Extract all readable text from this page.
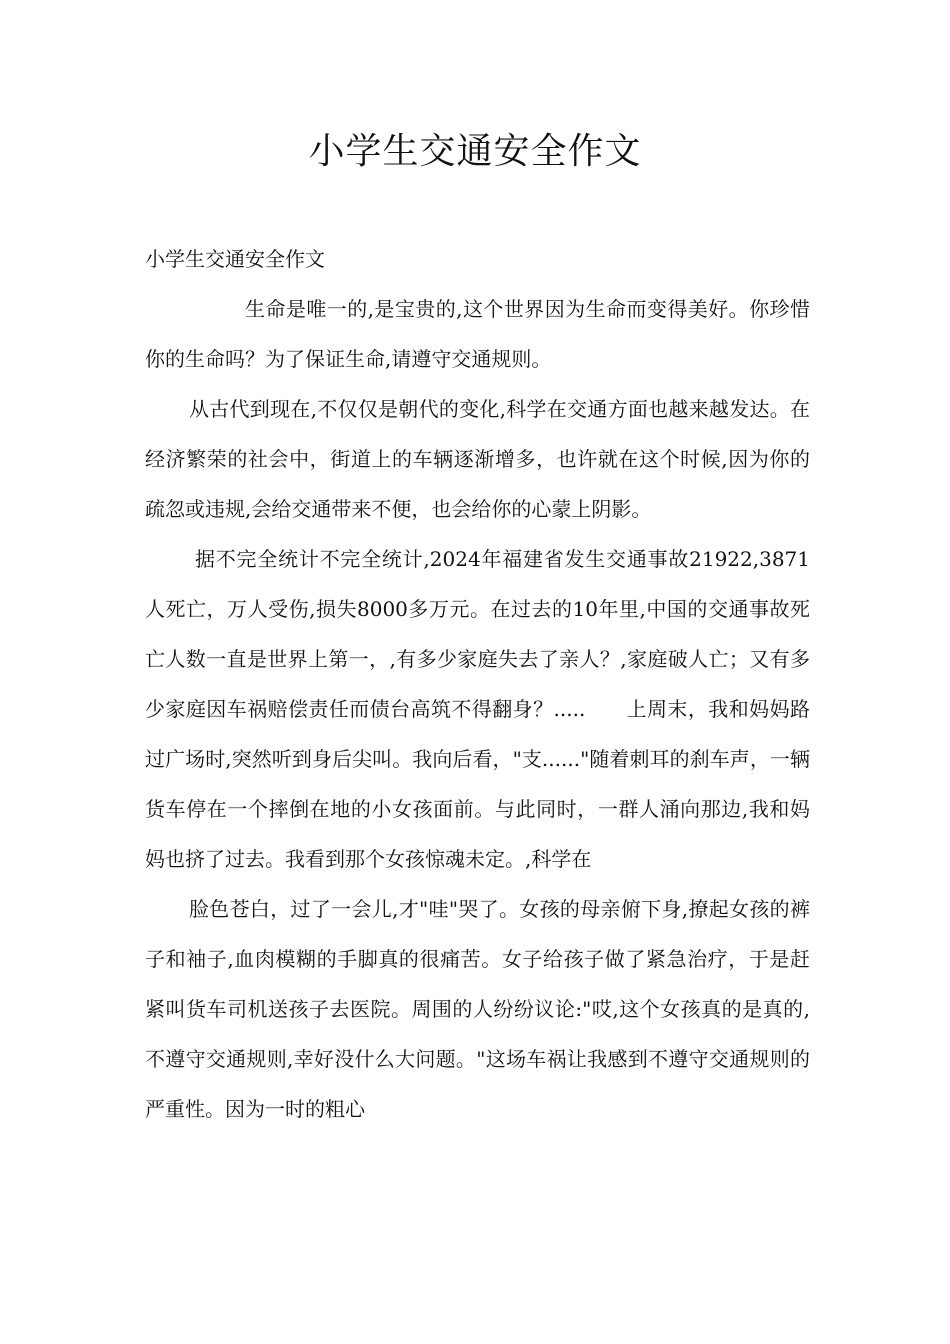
小学生交通安全作文

小学生交通安全作文

生命是唯一的,是宝贵的,这个世界因为生命而变得美好。你珍惜你的生命吗？为了保证生命,请遵守交通规则。

从古代到现在,不仅仅是朝代的变化,科学在交通方面也越来越发达。在经济繁荣的社会中，街道上的车辆逐渐增多，也许就在这个时候,因为你的疏忽或违规,会给交通带来不便，也会给你的心蒙上阴影。

据不完全统计不完全统计,2024年福建省发生交通事故21922,3871人死亡，万人受伤,损失8000多万元。在过去的10年里,中国的交通事故死亡人数一直是世界上第一，,有多少家庭失去了亲人？,家庭破人亡；又有多少家庭因车祸赔偿责任而债台高筑不得翻身？.....　　上周末，我和妈妈路过广场时,突然听到身后尖叫。我向后看，"支......"随着刺耳的刹车声，一辆货车停在一个摔倒在地的小女孩面前。与此同时，一群人涌向那边,我和妈妈也挤了过去。我看到那个女孩惊魂未定。,科学在

脸色苍白，过了一会儿,才"哇"哭了。女孩的母亲俯下身,撩起女孩的裤子和袖子,血肉模糊的手脚真的很痛苦。女子给孩子做了紧急治疗，于是赶紧叫货车司机送孩子去医院。周围的人纷纷议论:"哎,这个女孩真的是真的,不遵守交通规则,幸好没什么大问题。"这场车祸让我感到不遵守交通规则的严重性。因为一时的粗心
